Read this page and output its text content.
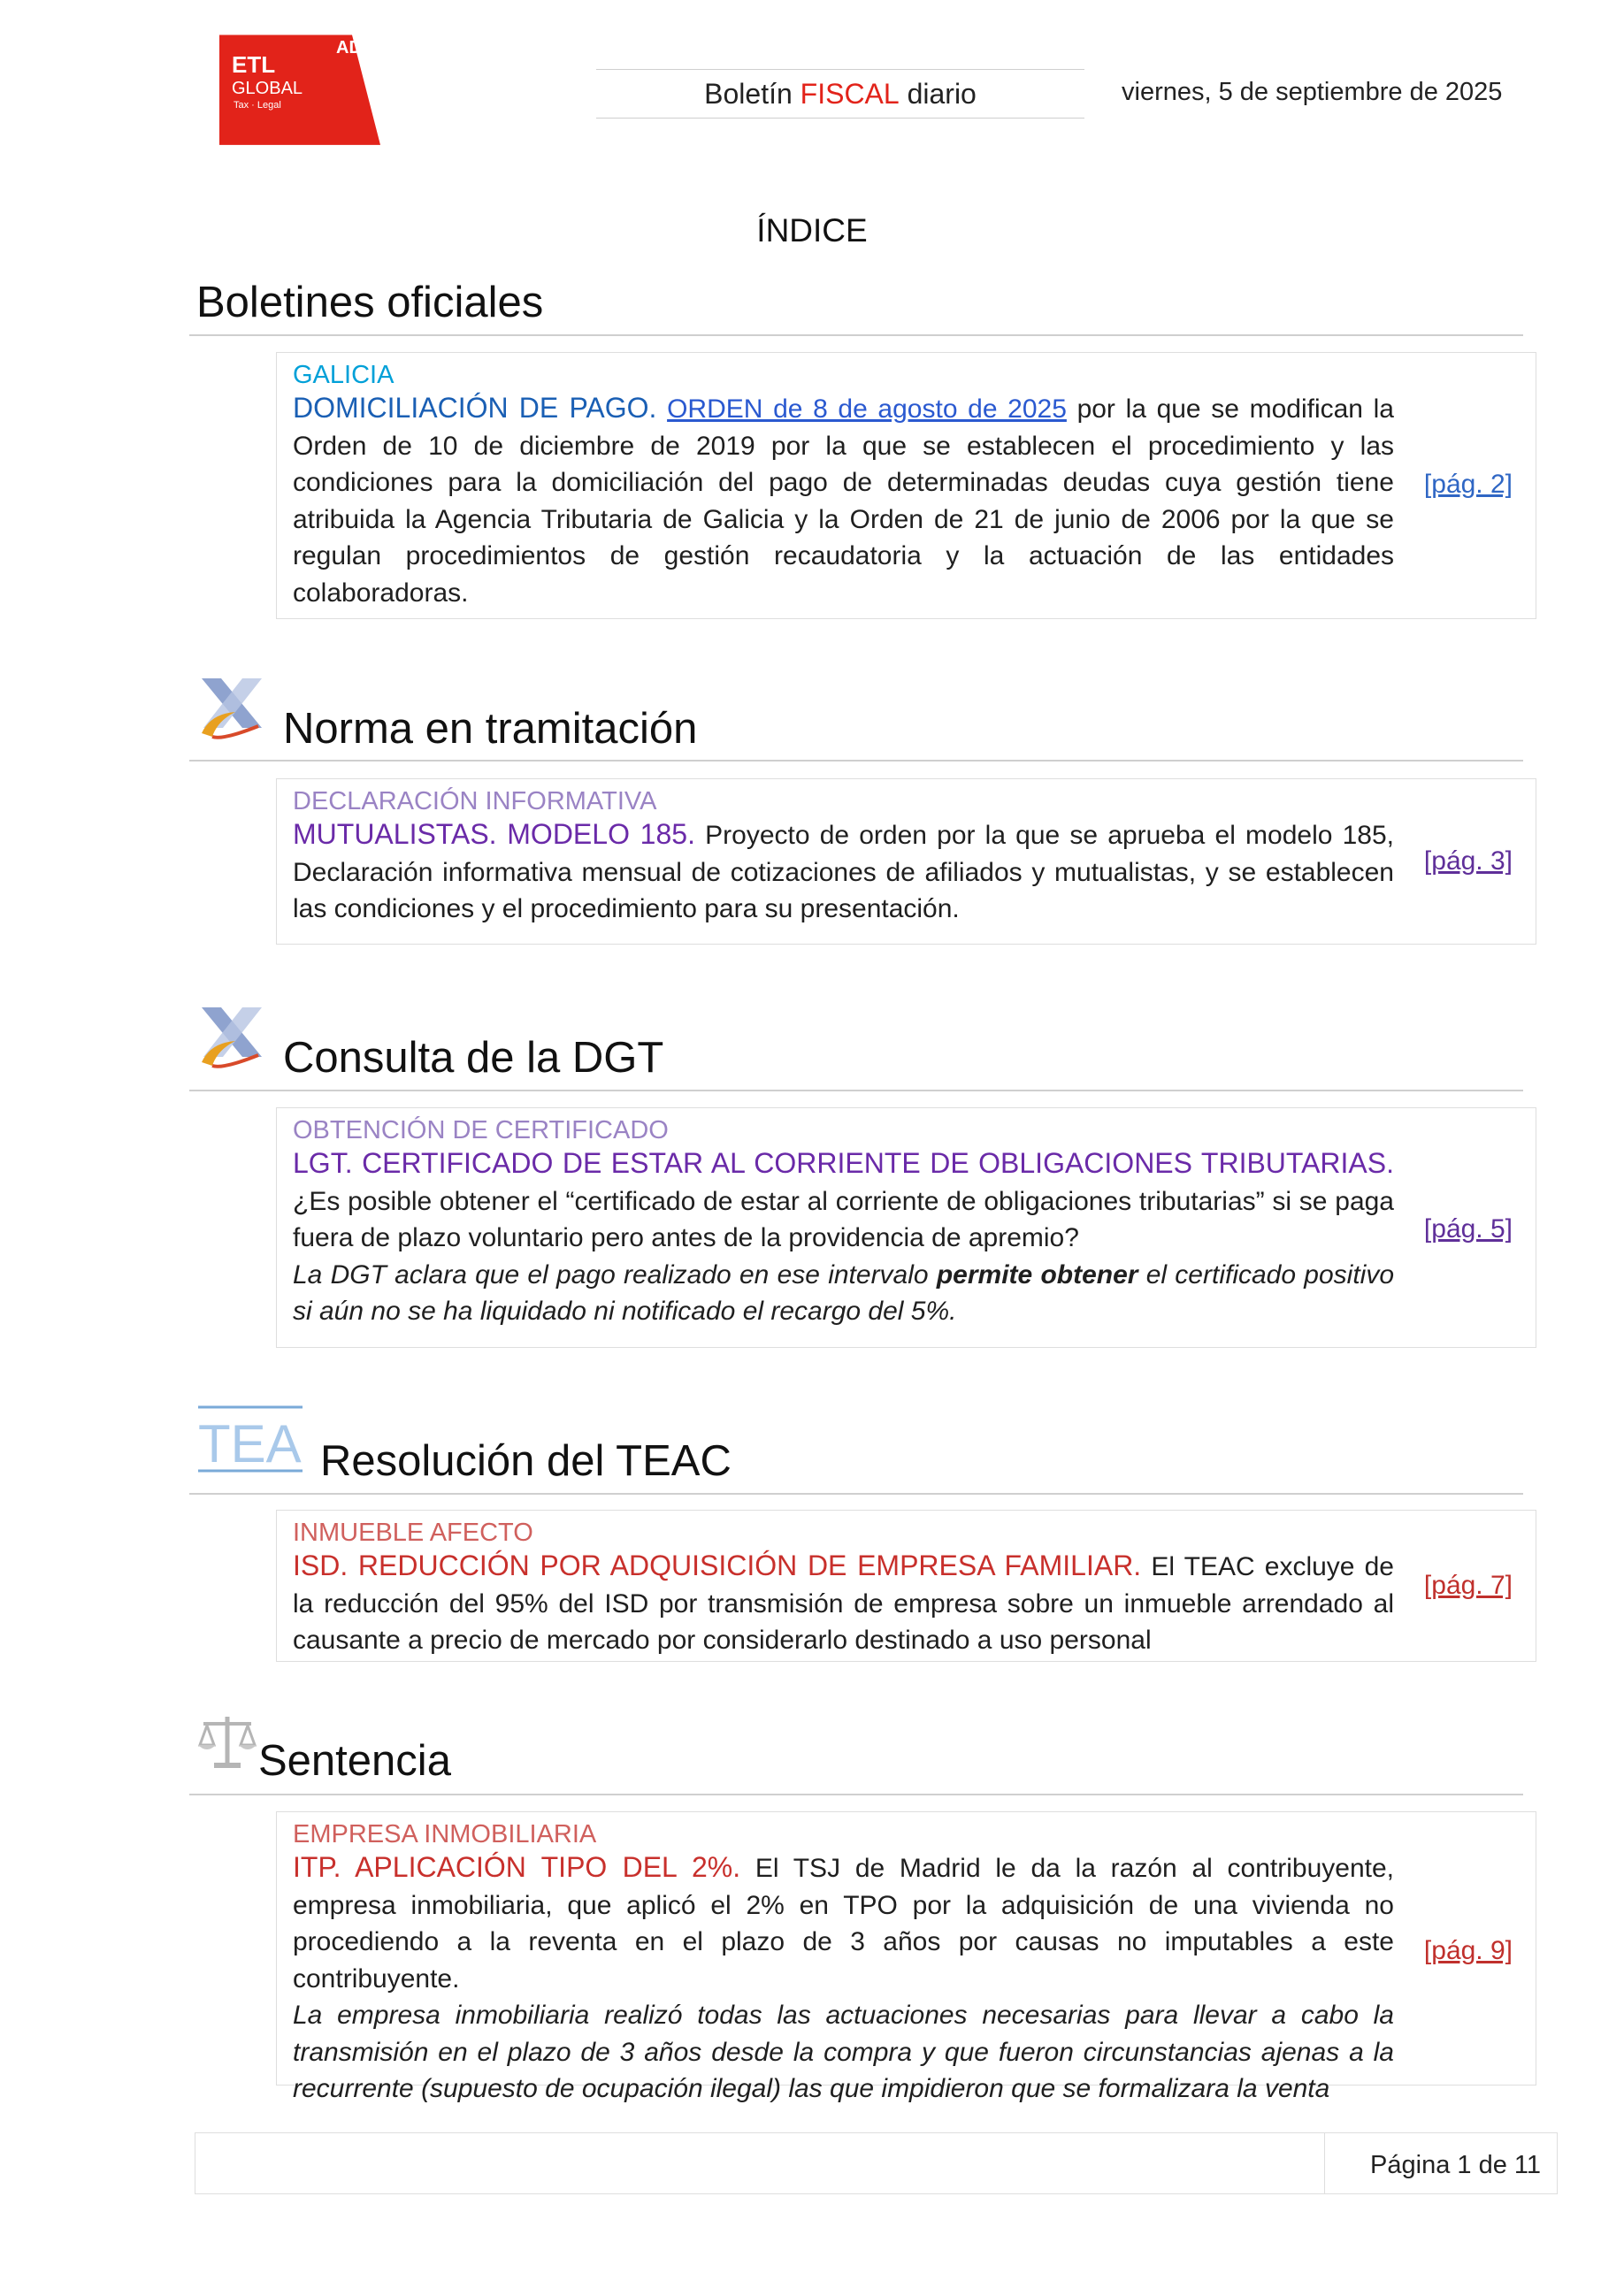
ETL
ADD
GLOBAL
Tax · Legal	Boletín FISCAL diario	viernes, 5 de septiembre de 2025
ÍNDICE
Boletines oficiales
GALICIA
DOMICILIACIÓN DE PAGO. ORDEN de 8 de agosto de 2025 por la que se modifican la Orden de 10 de diciembre de 2019 por la que se establecen el procedimiento y las condiciones para la domiciliación del pago de determinadas deudas cuya gestión tiene atribuida la Agencia Tributaria de Galicia y la Orden de 21 de junio de 2006 por la que se regulan procedimientos de gestión recaudatoria y la actuación de las entidades colaboradoras.
[pág. 2]
Norma en tramitación
DECLARACIÓN INFORMATIVA
MUTUALISTAS. MODELO 185. Proyecto de orden por la que se aprueba el modelo 185, Declaración informativa mensual de cotizaciones de afiliados y mutualistas, y se establecen las condiciones y el procedimiento para su presentación.
[pág. 3]
Consulta de la DGT
OBTENCIÓN DE CERTIFICADO
LGT. CERTIFICADO DE ESTAR AL CORRIENTE DE OBLIGACIONES TRIBUTARIAS. ¿Es posible obtener el “certificado de estar al corriente de obligaciones tributarias” si se paga fuera de plazo voluntario pero antes de la providencia de apremio?
La DGT aclara que el pago realizado en ese intervalo permite obtener el certificado positivo si aún no se ha liquidado ni notificado el recargo del 5%.
[pág. 5]
TEA Resolución del TEAC
INMUEBLE AFECTO
ISD. REDUCCIÓN POR ADQUISICIÓN DE EMPRESA FAMILIAR. El TEAC excluye de la reducción del 95% del ISD por transmisión de empresa sobre un inmueble arrendado al causante a precio de mercado por considerarlo destinado a uso personal
[pág. 7]
Sentencia
EMPRESA INMOBILIARIA
ITP. APLICACIÓN TIPO DEL 2%. El TSJ de Madrid le da la razón al contribuyente, empresa inmobiliaria, que aplicó el 2% en TPO por la adquisición de una vivienda no procediendo a la reventa en el plazo de 3 años por causas no imputables a este contribuyente.
La empresa inmobiliaria realizó todas las actuaciones necesarias para llevar a cabo la transmisión en el plazo de 3 años desde la compra y que fueron circunstancias ajenas a la recurrente (supuesto de ocupación ilegal) las que impidieron que se formalizara la venta
[pág. 9]
Página 1 de 11
